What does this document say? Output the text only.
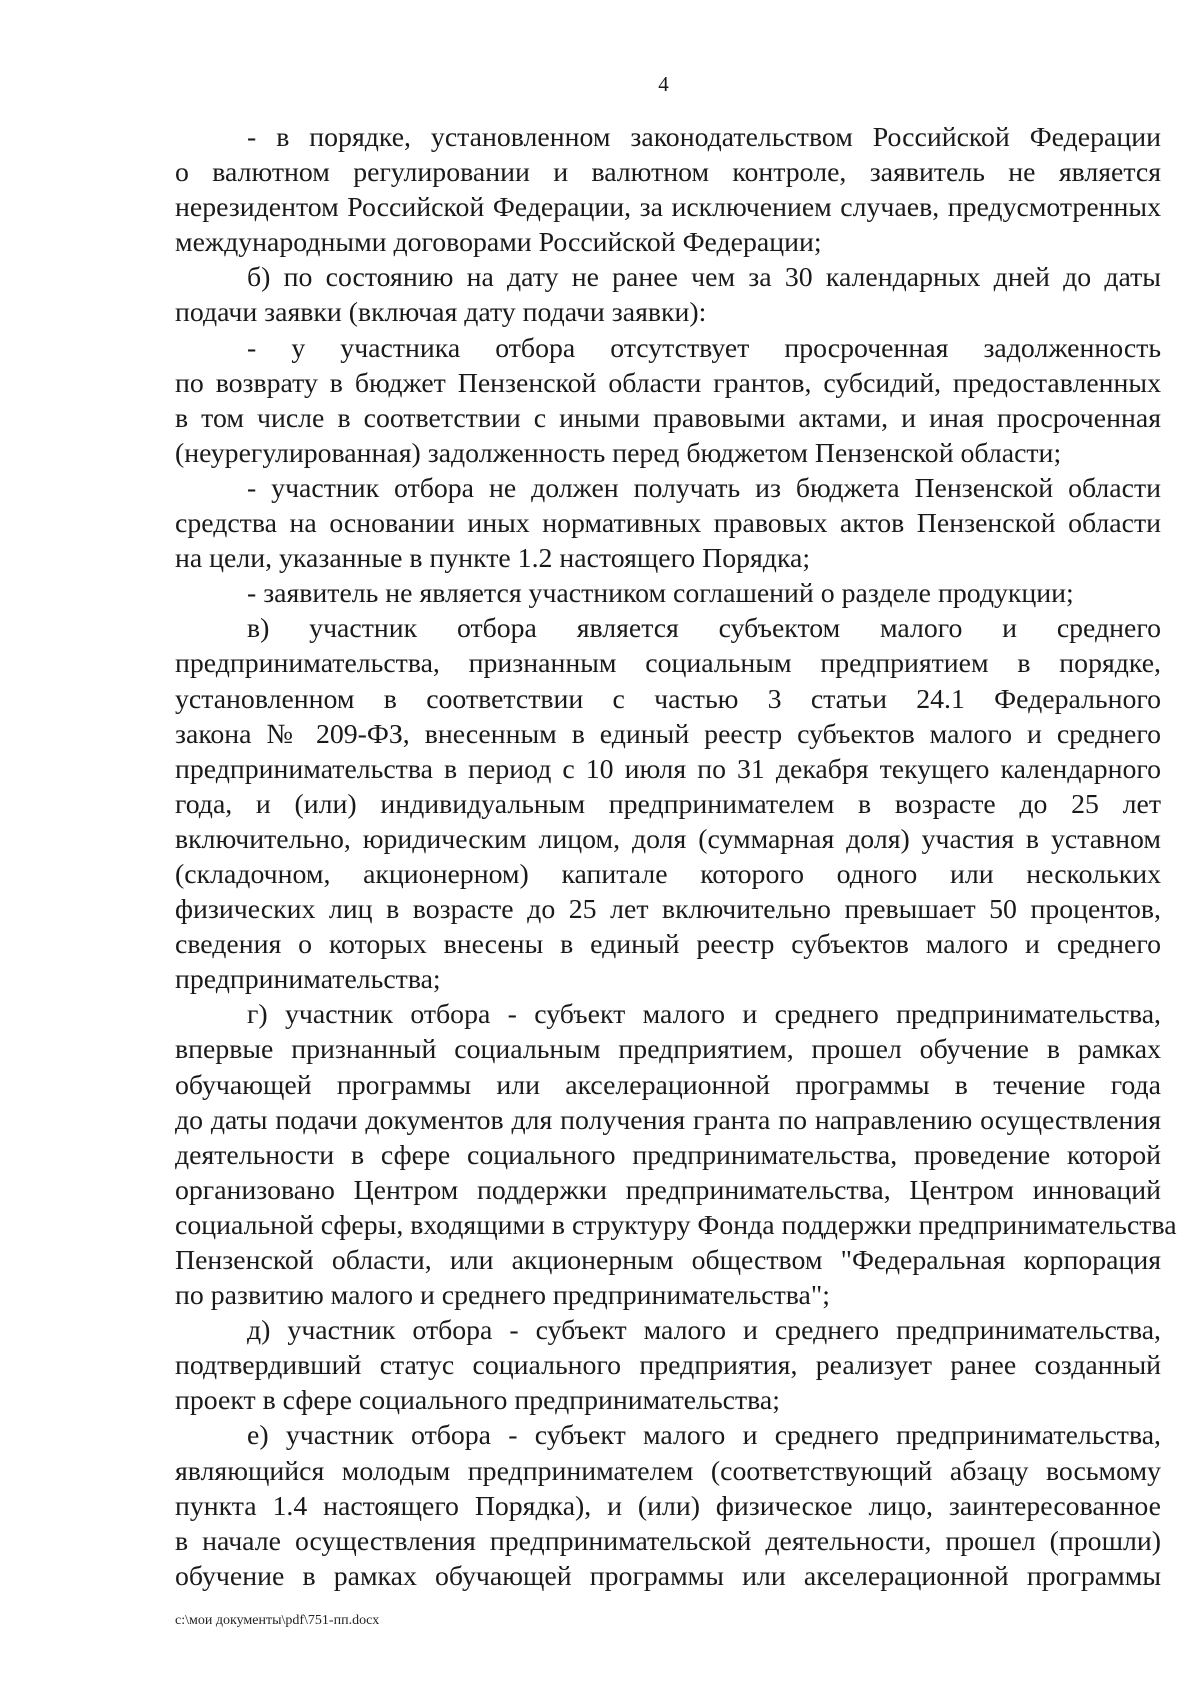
4
- в порядке, установленном законодательством Российской Федерации
о валютном регулировании и валютном контроле, заявитель не является
нерезидентом Российской Федерации, за исключением случаев, предусмотренных
международными договорами Российской Федерации;
б) по состоянию на дату не ранее чем за 30 календарных дней до даты
подачи заявки (включая дату подачи заявки):
- у участника отбора отсутствует просроченная задолженность
по возврату в бюджет Пензенской области грантов, субсидий, предоставленных
в том числе в соответствии с иными правовыми актами, и иная просроченная
(неурегулированная) задолженность перед бюджетом Пензенской области;
- участник отбора не должен получать из бюджета Пензенской области
средства на основании иных нормативных правовых актов Пензенской области
на цели, указанные в пункте 1.2 настоящего Порядка;
- заявитель не является участником соглашений о разделе продукции;
в) участник отбора является субъектом малого и среднего
предпринимательства, признанным социальным предприятием в порядке,
установленном в соответствии с частью 3 статьи 24.1 Федерального
закона № 209-ФЗ, внесенным в единый реестр субъектов малого и среднего
предпринимательства в период с 10 июля по 31 декабря текущего календарного
года, и (или) индивидуальным предпринимателем в возрасте до 25 лет
включительно, юридическим лицом, доля (суммарная доля) участия в уставном
(складочном, акционерном) капитале которого одного или нескольких
физических лиц в возрасте до 25 лет включительно превышает 50 процентов,
сведения о которых внесены в единый реестр субъектов малого и среднего
предпринимательства;
г) участник отбора - субъект малого и среднего предпринимательства,
впервые признанный социальным предприятием, прошел обучение в рамках
обучающей программы или акселерационной программы в течение года
до даты подачи документов для получения гранта по направлению осуществления
деятельности в сфере социального предпринимательства, проведение которой
организовано Центром поддержки предпринимательства, Центром инноваций
социальной сферы, входящими в структуру Фонда поддержки предпринимательства
Пензенской области, или акционерным обществом "Федеральная корпорация
по развитию малого и среднего предпринимательства";
д) участник отбора - субъект малого и среднего предпринимательства,
подтвердивший статус социального предприятия, реализует ранее созданный
проект в сфере социального предпринимательства;
е) участник отбора - субъект малого и среднего предпринимательства,
являющийся молодым предпринимателем (соответствующий абзацу восьмому
пункта 1.4 настоящего Порядка), и (или) физическое лицо, заинтересованное
в начале осуществления предпринимательской деятельности, прошел (прошли)
обучение в рамках обучающей программы или акселерационной программы
c:\мои документы\pdf\751-пп.docx
